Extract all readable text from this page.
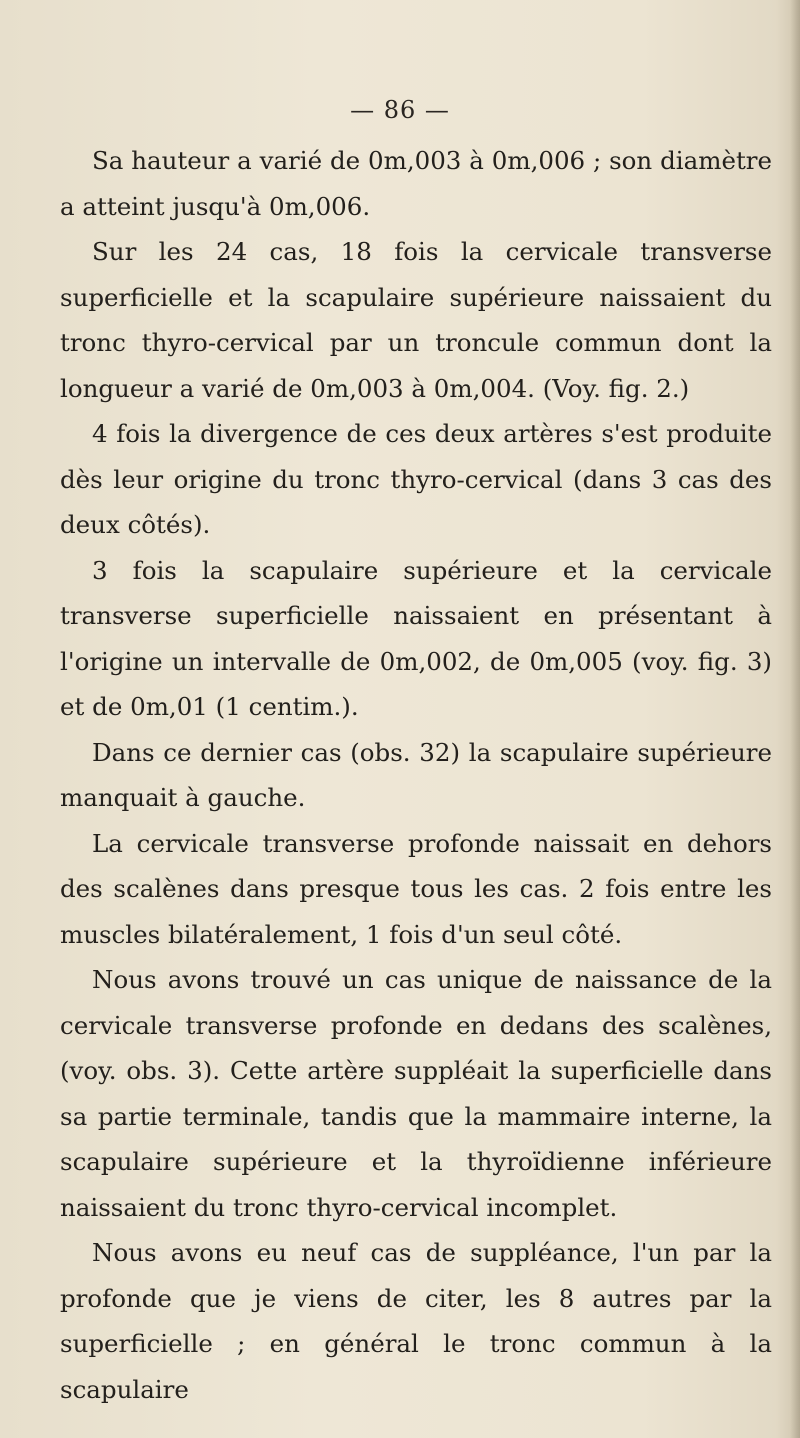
— 86 —

Sa hauteur a varié de 0m,003 à 0m,006 ; son diamètre a atteint jusqu'à 0m,006.

Sur les 24 cas, 18 fois la cervicale transverse superficielle et la scapulaire supérieure naissaient du tronc thyro-cervical par un troncule commun dont la longueur a varié de 0m,003 à 0m,004. (Voy. fig. 2.)

4 fois la divergence de ces deux artères s'est produite dès leur origine du tronc thyro-cervical (dans 3 cas des deux côtés).

3 fois la scapulaire supérieure et la cervicale transverse superficielle naissaient en présentant à l'origine un intervalle de 0m,002, de 0m,005 (voy. fig. 3) et de 0m,01 (1 centim.).

Dans ce dernier cas (obs. 32) la scapulaire supérieure manquait à gauche.

La cervicale transverse profonde naissait en dehors des scalènes dans presque tous les cas. 2 fois entre les muscles bilatéralement, 1 fois d'un seul côté.

Nous avons trouvé un cas unique de naissance de la cervicale transverse profonde en dedans des scalènes, (voy. obs. 3). Cette artère suppléait la superficielle dans sa partie terminale, tandis que la mammaire interne, la scapulaire supérieure et la thyroïdienne inférieure naissaient du tronc thyro-cervical incomplet.

Nous avons eu neuf cas de suppléance, l'un par la profonde que je viens de citer, les 8 autres par la superficielle ; en général le tronc commun à la scapulaire
